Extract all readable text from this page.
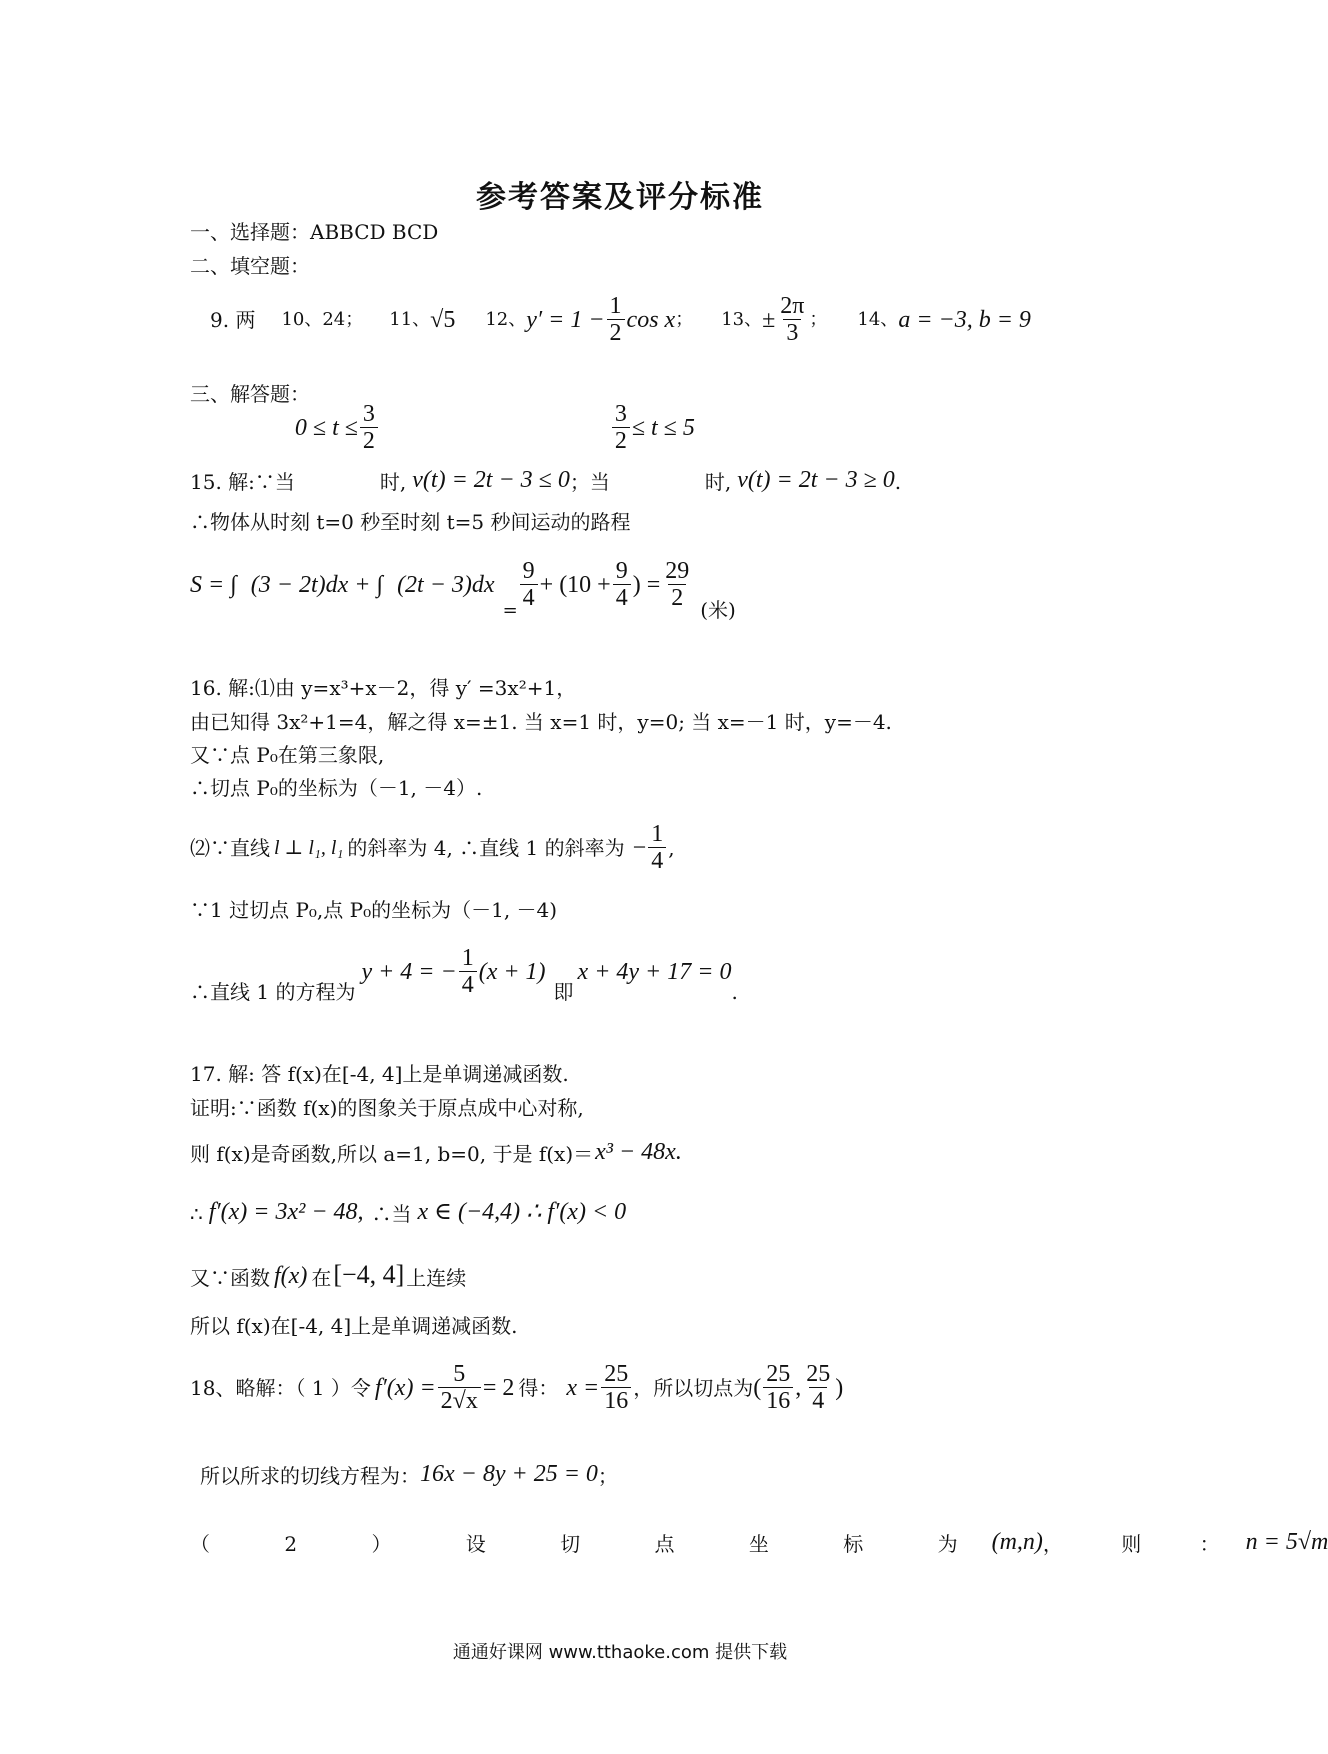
参考答案及评分标准
一、选择题：ABBCD BCD
二、填空题：
9. 两 10、24； 11、 √5 12、 $y' = 1 - \frac{1}{2}$ cos x ； 13、 ± $\frac{2\pi}{3}$ ； 14、 a = −3, b = 9
三、解答题：
15. 解:∵当
$0 \le t \le \frac{3}{2}$
时, v(t) = 2t − 3 ≤ 0 ；当
$\frac{3}{2} \le t \le 5$
时, v(t) = 2t − 3 ≥ 0 .
∴物体从时刻 t=0 秒至时刻 t=5 秒间运动的路程
S = ∫ (3 − 2t)dx + ∫ (2t − 3)dx
= $\frac{9}{4} + (10 + \frac{9}{4}$ ) = $\frac{29}{2}$ (米)
16. 解:⑴由 y=x³+x－2，得 y′ =3x²+1，
由已知得 3x²+1=4，解之得 x=±1. 当 x=1 时，y=0; 当 x=－1 时，y=－4.
又∵点 P₀在第三象限,
∴切点 P₀的坐标为（－1, －4）.
⑵∵直线 l ⊥ l₁, l₁ 的斜率为 4, ∴直线 1 的斜率为 − $\frac{1}{4}$ ,
∵1 过切点 P₀,点 P₀的坐标为（－1, －4)
∴直线 1 的方程为
y + 4 = − $\frac{1}{4} (x + 1)$
即
x + 4y + 17 = 0
.
17. 解: 答 f(x)在[-4, 4]上是单调递减函数.
证明:∵函数 f(x)的图象关于原点成中心对称,
则 f(x)是奇函数,所以 a=1, b=0, 于是 f(x)＝ x³ − 48x.
∴ f′(x) = 3x² − 48, ∴当 x ∈ (−4,4) ∴ f′(x) < 0
又∵函数 f(x) 在 [−4, 4] 上连续
所以 f(x)在[-4, 4]上是单调递减函数.
18、略解：（ 1 ）令 $f'(x) = \frac{5}{2√x} = 2$ 得： $x = \frac{25}{16}$ ，所以切点为 ( $\frac{25}{16}$ , $\frac{25}{4}$ )
所以所求的切线方程为： 16x − 8y + 25 = 0 ；
（ 2 ） 设 切 点 坐 标 为 (m,n) ， 则 ： n = 5√m
通通好课网 www.tthaoke.com 提供下载
